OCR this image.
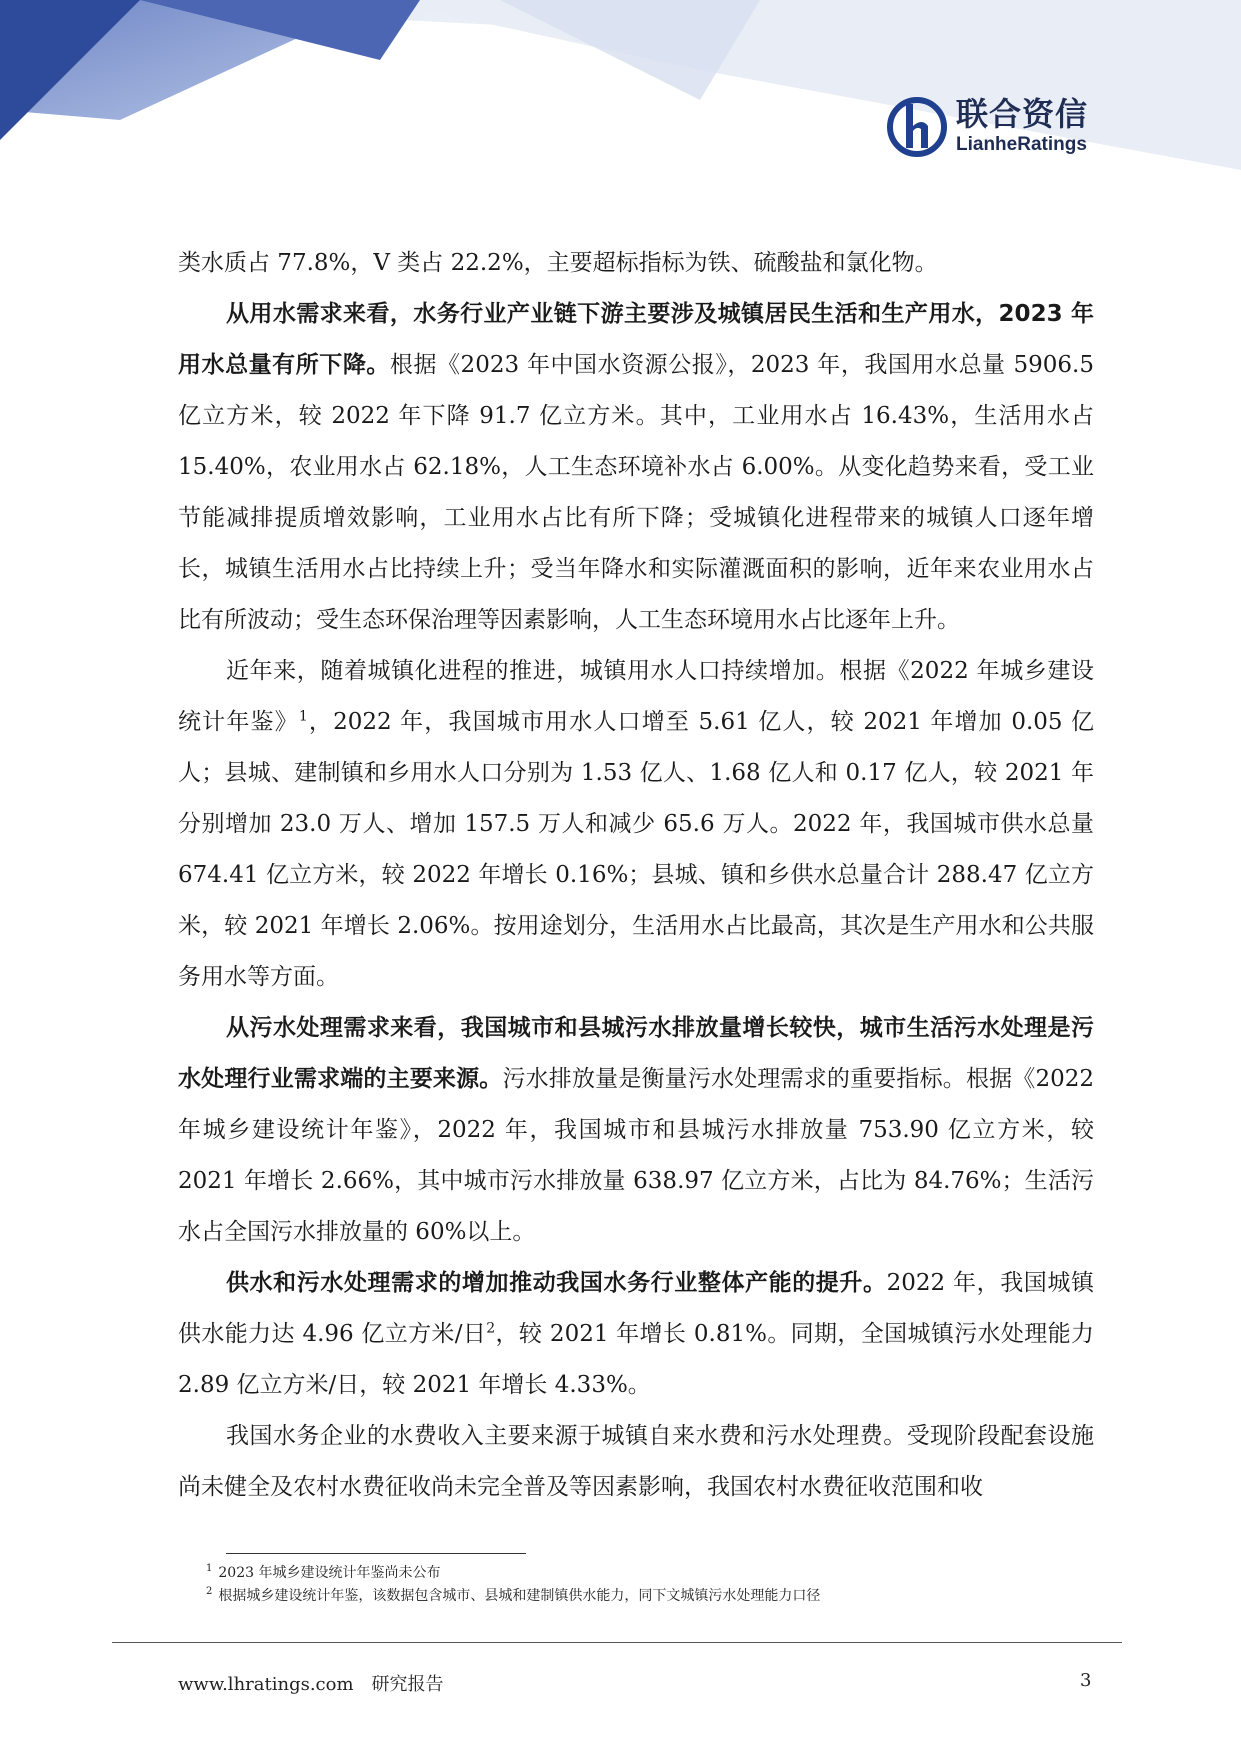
联合资信
LianheRatings

类水质占 77.8%，V 类占 22.2%，主要超标指标为铁、硫酸盐和氯化物。

从用水需求来看，水务行业产业链下游主要涉及城镇居民生活和生产用水，2023 年用水总量有所下降。根据《2023 年中国水资源公报》，2023 年，我国用水总量 5906.5 亿立方米，较 2022 年下降 91.7 亿立方米。其中，工业用水占 16.43%，生活用水占 15.40%，农业用水占 62.18%，人工生态环境补水占 6.00%。从变化趋势来看，受工业节能减排提质增效影响，工业用水占比有所下降；受城镇化进程带来的城镇人口逐年增长，城镇生活用水占比持续上升；受当年降水和实际灌溉面积的影响，近年来农业用水占比有所波动；受生态环保治理等因素影响，人工生态环境用水占比逐年上升。

近年来，随着城镇化进程的推进，城镇用水人口持续增加。根据《2022 年城乡建设统计年鉴》$^1$，2022 年，我国城市用水人口增至 5.61 亿人，较 2021 年增加 0.05 亿人；县城、建制镇和乡用水人口分别为 1.53 亿人、1.68 亿人和 0.17 亿人，较 2021 年分别增加 23.0 万人、增加 157.5 万人和减少 65.6 万人。2022 年，我国城市供水总量 674.41 亿立方米，较 2022 年增长 0.16%；县城、镇和乡供水总量合计 288.47 亿立方米，较 2021 年增长 2.06%。按用途划分，生活用水占比最高，其次是生产用水和公共服务用水等方面。

从污水处理需求来看，我国城市和县城污水排放量增长较快，城市生活污水处理是污水处理行业需求端的主要来源。污水排放量是衡量污水处理需求的重要指标。根据《2022 年城乡建设统计年鉴》，2022 年，我国城市和县城污水排放量 753.90 亿立方米，较 2021 年增长 2.66%，其中城市污水排放量 638.97 亿立方米，占比为 84.76%；生活污水占全国污水排放量的 60%以上。

供水和污水处理需求的增加推动我国水务行业整体产能的提升。2022 年，我国城镇供水能力达 4.96 亿立方米/日$^2$，较 2021 年增长 0.81%。同期，全国城镇污水处理能力 2.89 亿立方米/日，较 2021 年增长 4.33%。

我国水务企业的水费收入主要来源于城镇自来水费和污水处理费。受现阶段配套设施尚未健全及农村水费征收尚未完全普及等因素影响，我国农村水费征收范围和收

$^1$ 2023 年城乡建设统计年鉴尚未公布
$^2$ 根据城乡建设统计年鉴，该数据包含城市、县城和建制镇供水能力，同下文城镇污水处理能力口径
www.lhratings.com 研究报告	3
